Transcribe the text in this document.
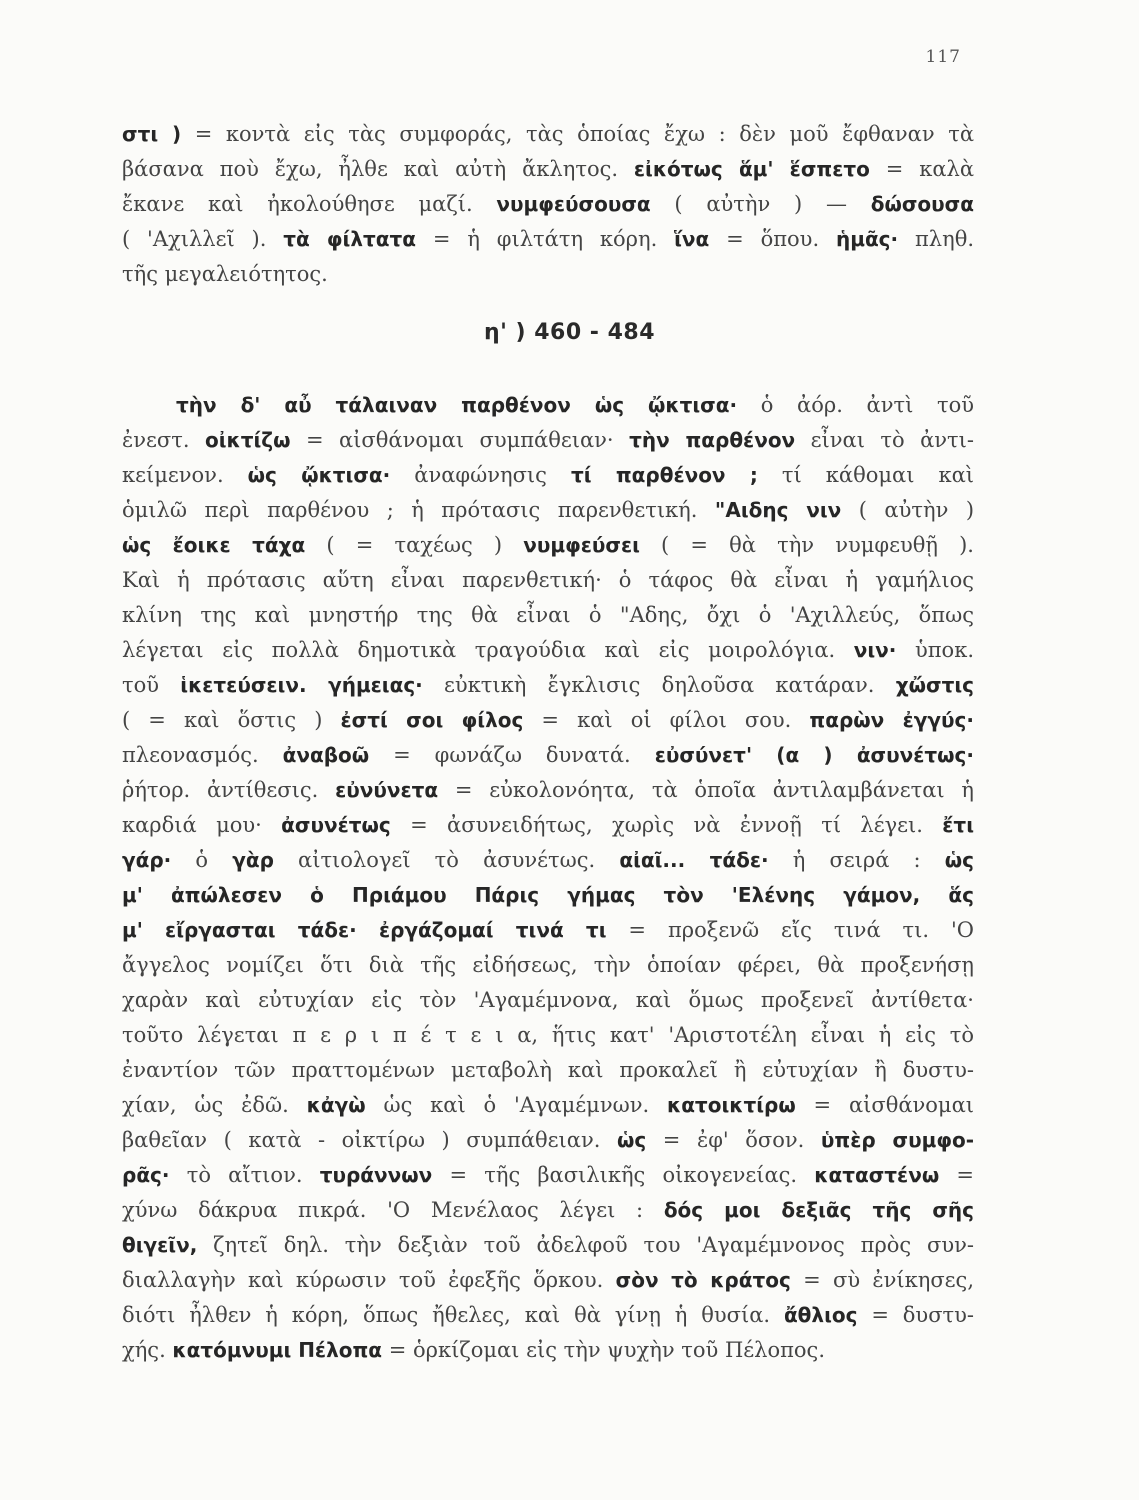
117
η' ) 460 - 484
στι ) = κοντὰ εἰς τὰς συμφοράς, τὰς ὁποίας ἔχω : δὲν μοῦ ἔφθαναν τὰ
βάσανα ποὺ ἔχω, ἦλθε καὶ αὐτὴ ἄκλητος. εἰκότως ἅμ' ἕσπετο = καλὰ
ἔκανε καὶ ἠκολούθησε μαζί. νυμφεύσουσα ( αὐτὴν ) — δώσουσα
( 'Αχιλλεῖ ). τὰ φίλτατα = ἡ φιλτάτη κόρη. ἵνα = ὅπου. ἡμᾶς· πληθ.
τῆς μεγαλειότητος.
τὴν δ' αὖ τάλαιναν παρθένον ὡς ᾤκτισα· ὁ ἀόρ. ἀντὶ τοῦ
ἐνεστ. οἰκτίζω = αἰσθάνομαι συμπάθειαν· τὴν παρθένον εἶναι τὸ ἀντι-
κείμενον. ὡς ᾤκτισα· ἀναφώνησις τί παρθένον ; τί κάθομαι καὶ
ὁμιλῶ περὶ παρθένου ; ἡ πρότασις παρενθετική. "Αιδης νιν ( αὐτὴν )
ὡς ἔοικε τάχα ( = ταχέως ) νυμφεύσει ( = θὰ τὴν νυμφευθῇ ).
Καὶ ἡ πρότασις αὕτη εἶναι παρενθετική· ὁ τάφος θὰ εἶναι ἡ γαμήλιος
κλίνη της καὶ μνηστήρ της θὰ εἶναι ὁ "Αδης, ὄχι ὁ 'Αχιλλεύς, ὅπως
λέγεται εἰς πολλὰ δημοτικὰ τραγούδια καὶ εἰς μοιρολόγια. νιν· ὑποκ.
τοῦ ἱκετεύσειν. γήμειας· εὐκτικὴ ἔγκλισις δηλοῦσα κατάραν. χὤστις
( = καὶ ὅστις ) ἐστί σοι φίλος = καὶ οἱ φίλοι σου. παρὼν ἐγγύς·
πλεονασμός. ἀναβοῶ = φωνάζω δυνατά. εὐσύνετ' (α ) ἀσυνέτως·
ῥήτορ. ἀντίθεσις. εὐνύνετα = εὐκολονόητα, τὰ ὁποῖα ἀντιλαμβάνεται ἡ
καρδιά μου· ἀσυνέτως = ἀσυνειδήτως, χωρὶς νὰ ἐννοῇ τί λέγει. ἔτι
γάρ· ὁ γὰρ αἰτιολογεῖ τὸ ἀσυνέτως. αἰαῖ... τάδε· ἡ σειρά : ὡς
μ' ἀπώλεσεν ὁ Πριάμου Πάρις γήμας τὸν 'Ελένης γάμον, ἅς
μ' εἴργασται τάδε· ἐργάζομαί τινά τι = προξενῶ εἴς τινά τι. 'Ο
ἄγγελος νομίζει ὅτι διὰ τῆς εἰδήσεως, τὴν ὁποίαν φέρει, θὰ προξενήσῃ
χαρὰν καὶ εὐτυχίαν εἰς τὸν 'Αγαμέμνονα, καὶ ὅμως προξενεῖ ἀντίθετα·
τοῦτο λέγεται π ε ρ ι π έ τ ε ι α, ἥτις κατ' 'Αριστοτέλη εἶναι ἡ εἰς τὸ
ἐναντίον τῶν πραττομένων μεταβολὴ καὶ προκαλεῖ ἢ εὐτυχίαν ἢ δυστυ-
χίαν, ὡς ἐδῶ. κἀγὼ ὡς καὶ ὁ 'Αγαμέμνων. κατοικτίρω = αἰσθάνομαι
βαθεῖαν ( κατὰ - οἰκτίρω ) συμπάθειαν. ὡς = ἐφ' ὅσον. ὑπὲρ συμφο-
ρᾶς· τὸ αἴτιον. τυράννων = τῆς βασιλικῆς οἰκογενείας. καταστένω =
χύνω δάκρυα πικρά. 'Ο Μενέλαος λέγει : δός μοι δεξιᾶς τῆς σῆς
θιγεῖν, ζητεῖ δηλ. τὴν δεξιὰν τοῦ ἀδελφοῦ του 'Αγαμέμνονος πρὸς συν-
διαλλαγὴν καὶ κύρωσιν τοῦ ἐφεξῆς ὅρκου. σὸν τὸ κράτος = σὺ ἐνίκησες,
διότι ἦλθεν ἡ κόρη, ὅπως ἤθελες, καὶ θὰ γίνῃ ἡ θυσία. ἄθλιος = δυστυ-
χής. κατόμνυμι Πέλοπα = ὁρκίζομαι εἰς τὴν ψυχὴν τοῦ Πέλοπος.
